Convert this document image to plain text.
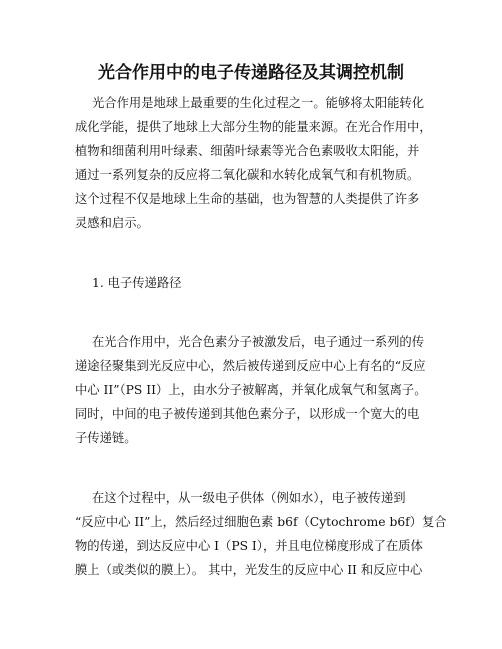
光合作用中的电子传递路径及其调控机制
光合作用是地球上最重要的生化过程之一。能够将太阳能转化
成化学能，提供了地球上大部分生物的能量来源。在光合作用中，
植物和细菌利用叶绿素、细菌叶绿素等光合色素吸收太阳能，并
通过一系列复杂的反应将二氧化碳和水转化成氧气和有机物质。
这个过程不仅是地球上生命的基础，也为智慧的人类提供了许多
灵感和启示。
1. 电子传递路径
在光合作用中，光合色素分子被激发后，电子通过一系列的传
递途径聚集到光反应中心，然后被传递到反应中心上有名的“反应
中心 II”（PS II）上，由水分子被解离，并氧化成氧气和氢离子。
同时，中间的电子被传递到其他色素分子，以形成一个宽大的电
子传递链。
在这个过程中，从一级电子供体（例如水），电子被传递到
“反应中心 II”上，然后经过细胞色素 b6f（Cytochrome b6f）复合
物的传递，到达反应中心 I（PS I），并且电位梯度形成了在质体
膜上（或类似的膜上）。 其中，光发生的反应中心 II 和反应中心
